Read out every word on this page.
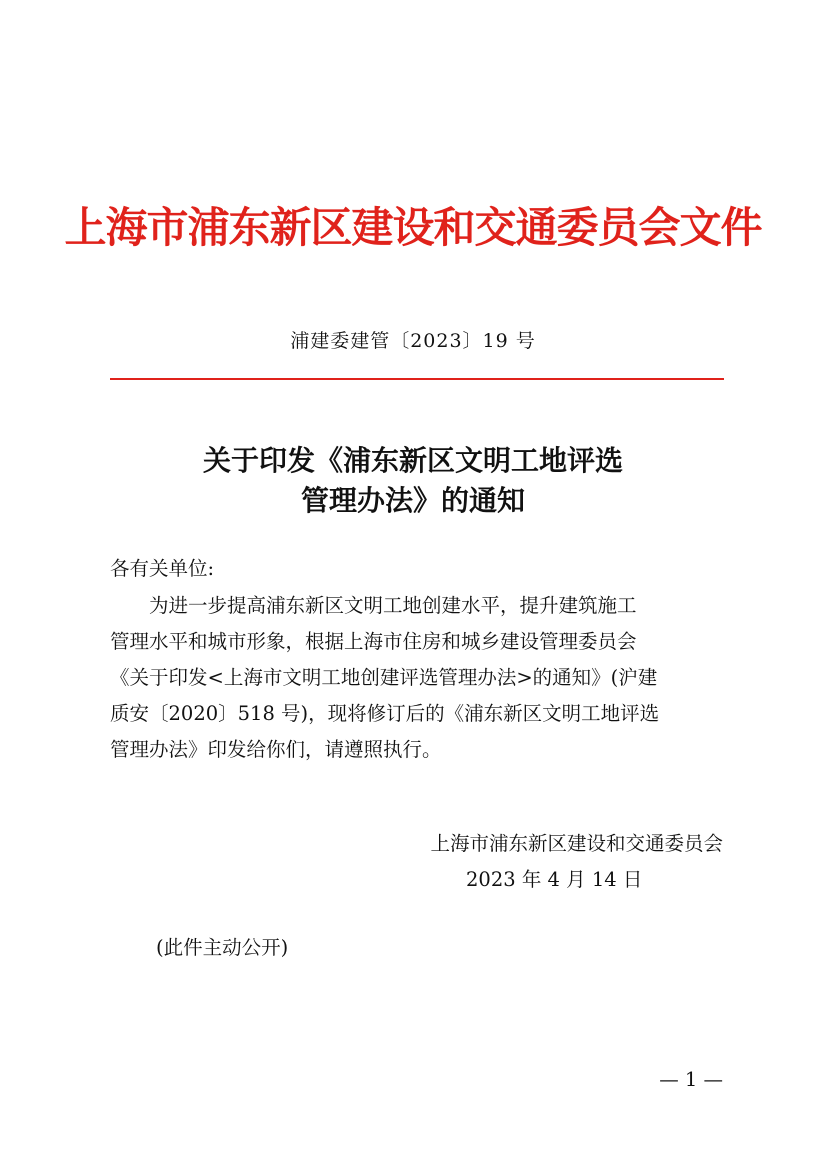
上海市浦东新区建设和交通委员会文件
浦建委建管〔2023〕19 号
关于印发《浦东新区文明工地评选
管理办法》的通知
各有关单位:
　　为进一步提高浦东新区文明工地创建水平，提升建筑施工
管理水平和城市形象，根据上海市住房和城乡建设管理委员会
《关于印发<上海市文明工地创建评选管理办法>的通知》(沪建
质安〔2020〕518 号)，现将修订后的《浦东新区文明工地评选
管理办法》印发给你们，请遵照执行。
上海市浦东新区建设和交通委员会
2023 年 4 月 14 日
(此件主动公开)
— 1 —
